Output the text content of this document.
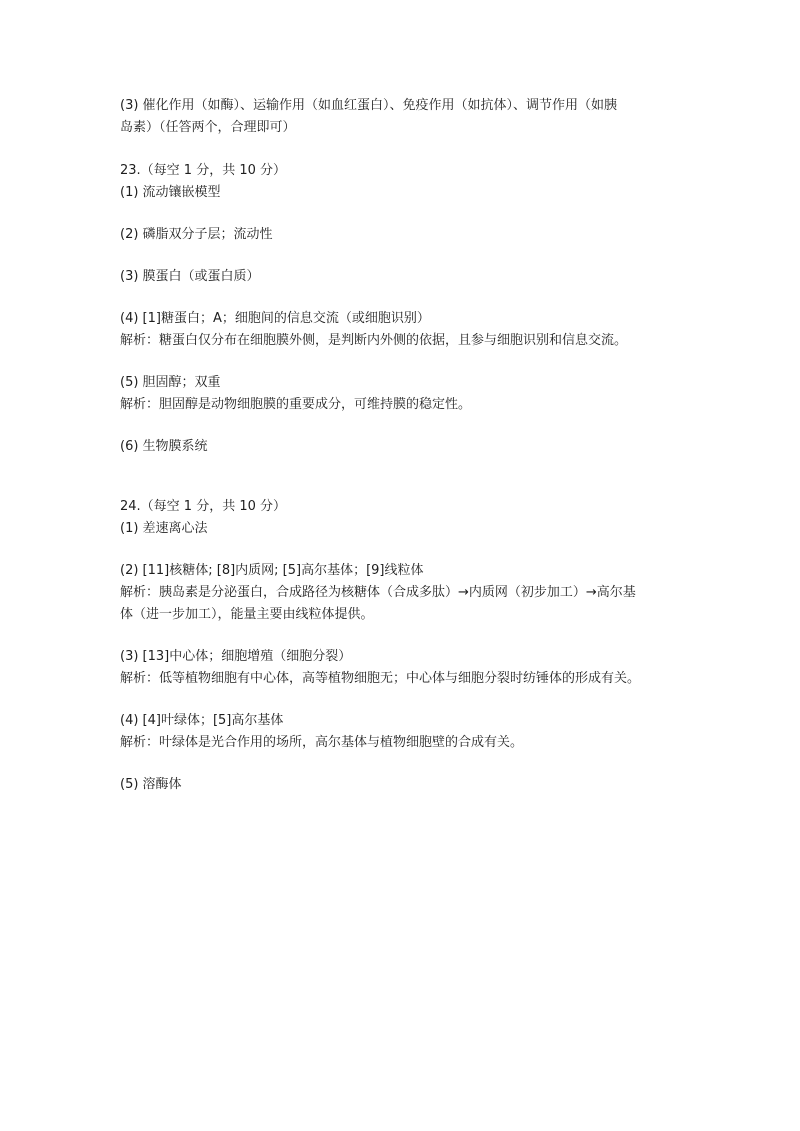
(3) 催化作用（如酶）、运输作用（如血红蛋白）、免疫作用（如抗体）、调节作用（如胰
岛素）（任答两个，合理即可）
23.（每空 1 分，共 10 分）
(1) 流动镶嵌模型
(2) 磷脂双分子层；流动性
(3) 膜蛋白（或蛋白质）
(4) [1]糖蛋白；A；细胞间的信息交流（或细胞识别）
解析：糖蛋白仅分布在细胞膜外侧，是判断内外侧的依据，且参与细胞识别和信息交流。
(5) 胆固醇；双重
解析：胆固醇是动物细胞膜的重要成分，可维持膜的稳定性。
(6) 生物膜系统
24.（每空 1 分，共 10 分）
(1) 差速离心法
(2) [11]核糖体; [8]内质网; [5]高尔基体；[9]线粒体
解析：胰岛素是分泌蛋白，合成路径为核糖体（合成多肽）→内质网（初步加工）→高尔基
体（进一步加工），能量主要由线粒体提供。
(3) [13]中心体；细胞增殖（细胞分裂）
解析：低等植物细胞有中心体，高等植物细胞无；中心体与细胞分裂时纺锤体的形成有关。
(4) [4]叶绿体；[5]高尔基体
解析：叶绿体是光合作用的场所，高尔基体与植物细胞壁的合成有关。
(5) 溶酶体
